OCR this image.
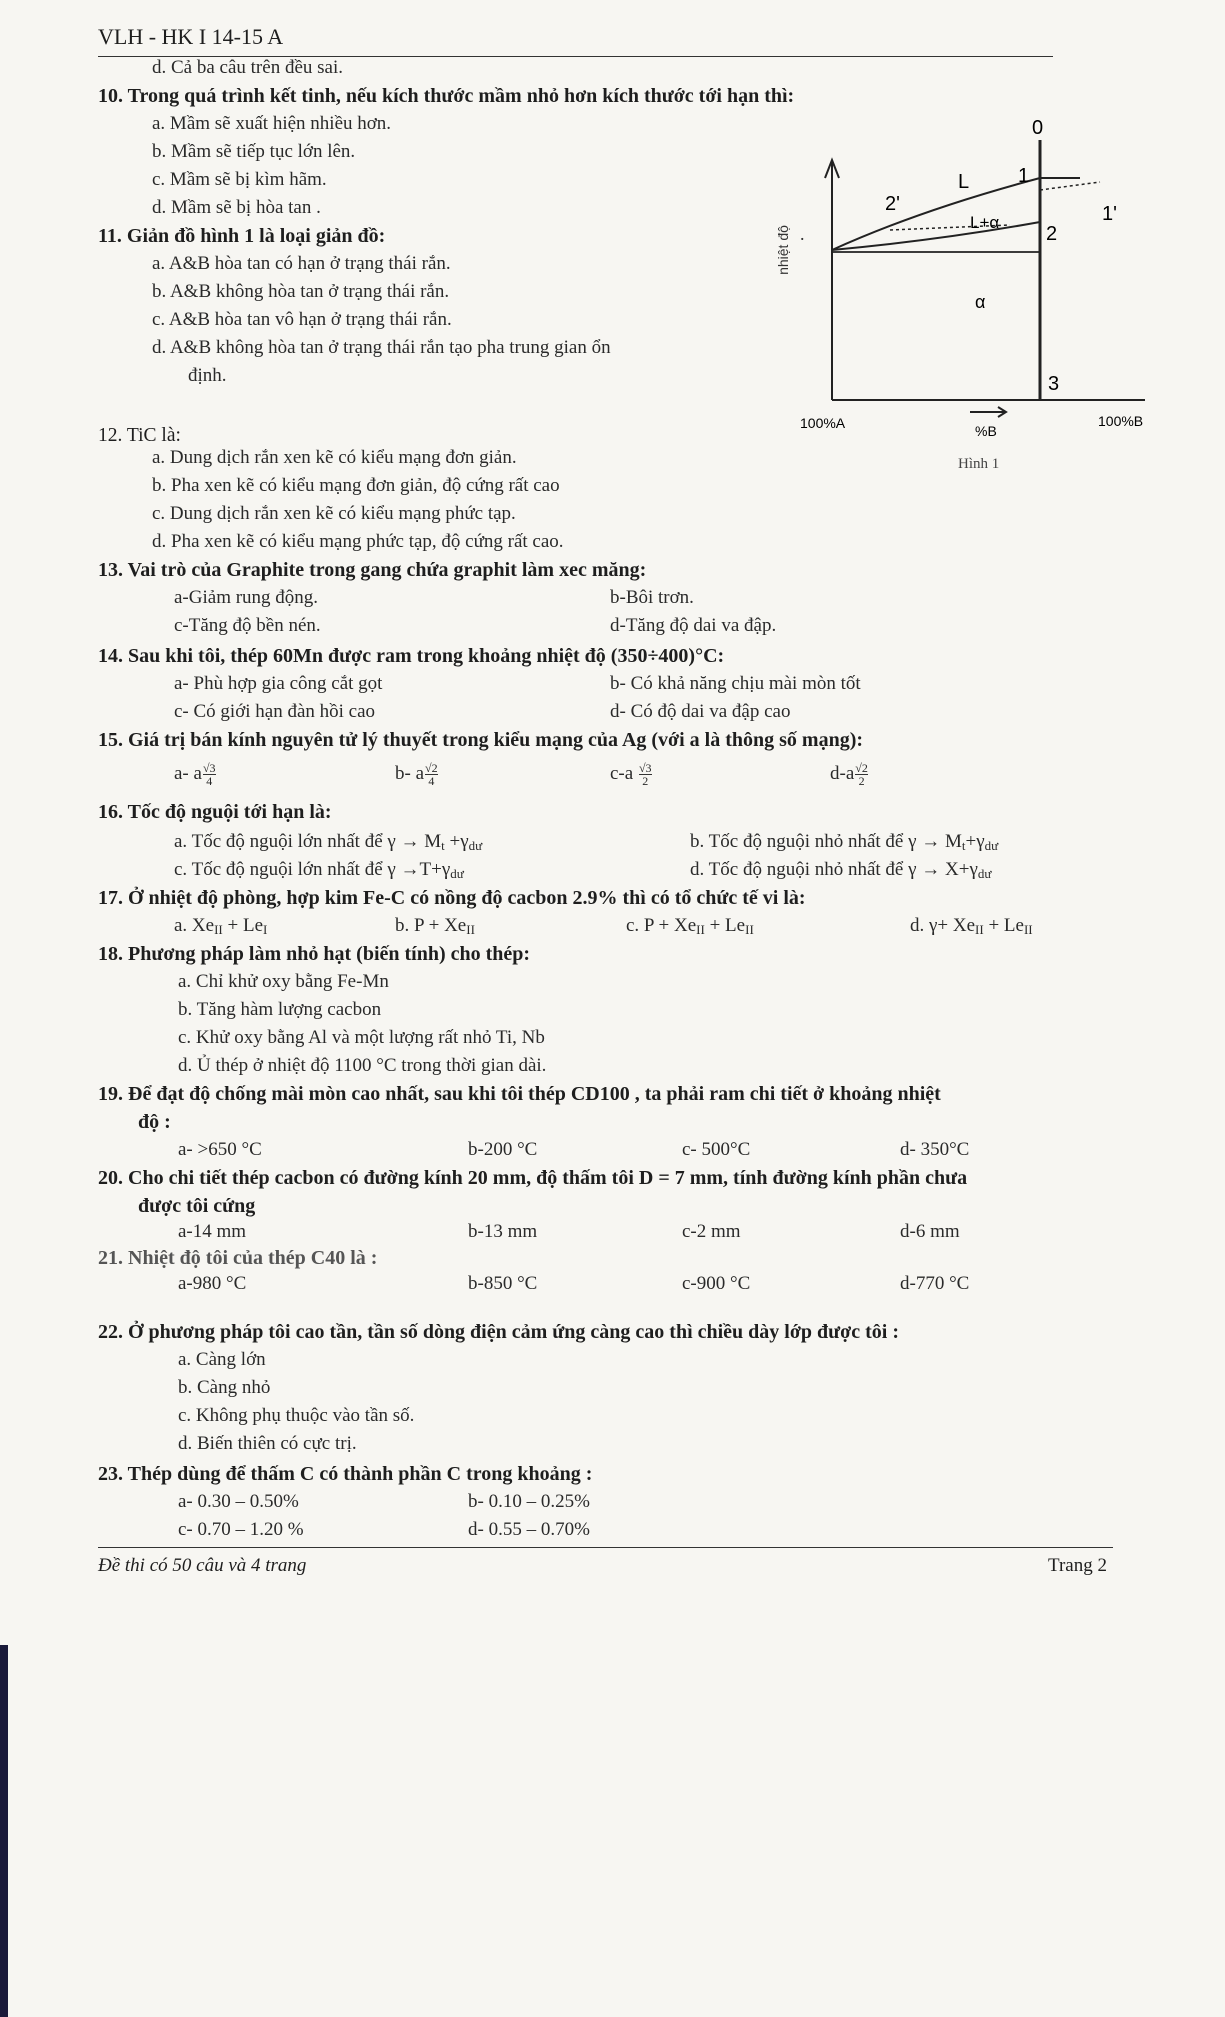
VLH - HK I 14-15 A
d. Cả ba câu trên đều sai.
10. Trong quá trình kết tinh, nếu kích thước mầm nhỏ hơn kích thước tới hạn thì:
a. Mầm sẽ xuất hiện nhiều hơn.
b. Mầm sẽ tiếp tục lớn lên.
c. Mầm sẽ bị kìm hãm.
d. Mầm sẽ bị hòa tan .
11. Giản đồ hình 1 là loại giản đồ:
a. A&B hòa tan có hạn ở trạng thái rắn.
b. A&B không hòa tan ở trạng thái rắn.
c. A&B hòa tan vô hạn ở trạng thái rắn.
d. A&B không hòa tan ở trạng thái rắn tạo pha trung gian ổn
định.
12. TiC là:
a. Dung dịch rắn xen kẽ có kiểu mạng đơn giản.
b. Pha xen kẽ có kiểu mạng đơn giản, độ cứng rất cao
c. Dung dịch rắn xen kẽ có kiểu mạng phức tạp.
d. Pha xen kẽ có kiểu mạng phức tạp, độ cứng rất cao.
13. Vai trò của Graphite trong gang chứa graphit làm xec măng:
a-Giảm rung động.	b-Bôi trơn.
c-Tăng độ bền nén.	d-Tăng độ dai va đập.
14. Sau khi tôi, thép 60Mn được ram trong khoảng nhiệt độ (350÷400)°C:
a- Phù hợp gia công cắt gọt	b- Có khả năng chịu mài mòn tốt
c- Có giới hạn đàn hồi cao	d- Có độ dai va đập cao
15. Giá trị bán kính nguyên tử lý thuyết trong kiểu mạng của Ag (với a là thông số mạng):
a- a $\frac{√3}{4}$	b- a $\frac{√2}{4}$	$c-a \frac{√3}{2}$	$d-a \frac{√2}{2}$
16. Tốc độ nguội tới hạn là:
a. Tốc độ nguội lớn nhất để $\gamma \to M_t +\gamma_{dư}$	b. Tốc độ nguội nhỏ nhất để $\gamma \to M_t+\gamma_{dư}$
c. Tốc độ nguội lớn nhất để $\gamma \to T+\gamma_{dư}$	d. Tốc độ nguội nhỏ nhất để $\gamma \to X+\gamma_{dư}$
17. Ở nhiệt độ phòng, hợp kim Fe-C có nồng độ cacbon 2.9% thì có tổ chức tế vi là:
a. $Xe_{II} + Le_I$	b. $P + Xe_{II}$	c. $P + Xe_{II} + Le_{II}$	d. $\gamma+ Xe_{II} + Le_{II}$
18. Phương pháp làm nhỏ hạt (biến tính) cho thép:
a. Chỉ khử oxy bằng Fe-Mn
b. Tăng hàm lượng cacbon
c. Khử oxy bằng Al và một lượng rất nhỏ Ti, Nb
d. Ủ thép ở nhiệt độ 1100 °C trong thời gian dài.
19. Để đạt độ chống mài mòn cao nhất, sau khi tôi thép CD100 , ta phải ram chi tiết ở khoảng nhiệt
độ :
a- >650 °C	b-200 °C	c- 500°C	d- 350°C
20. Cho chi tiết thép cacbon có đường kính 20 mm, độ thấm tôi D = 7 mm, tính đường kính phần chưa
được tôi cứng
a-14 mm	b-13 mm	c-2 mm	d-6 mm
21. Nhiệt độ tôi của thép C40 là :
a-980 °C	b-850 °C	c-900 °C	d-770 °C
22. Ở phương pháp tôi cao tần, tần số dòng điện cảm ứng càng cao thì chiều dày lớp được tôi :
a. Càng lớn
b. Càng nhỏ
c. Không phụ thuộc vào tần số.
d. Biến thiên có cực trị.
23. Thép dùng để thấm C có thành phần C trong khoảng :
a- 0.30 – 0.50%	b- 0.10 – 0.25%
c- 0.70 – 1.20 %	d- 0.55 – 0.70%
Đề thi có 50 câu và 4 trang	Trang 2
nhiệt độ .
L
L+α
α
0
1
1'
2
2'
3
100%A	%B
100%B
Hình 1
